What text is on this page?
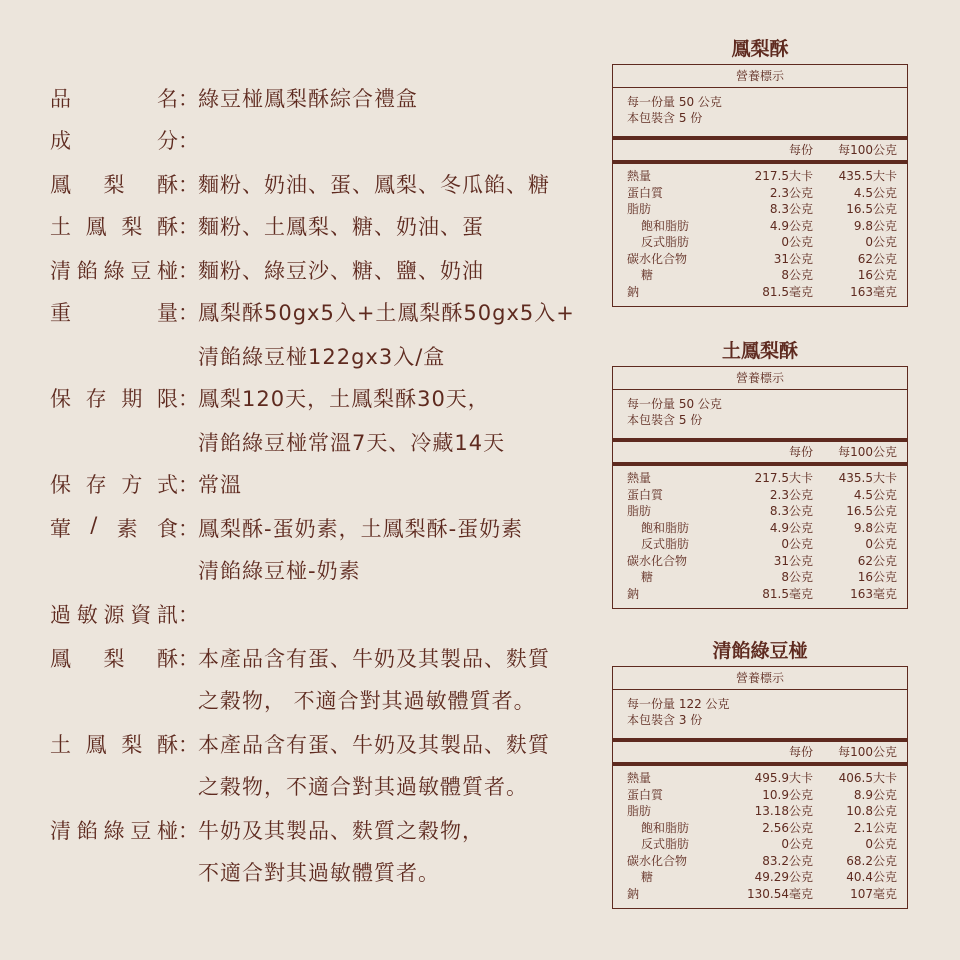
品	名 ： 綠豆椪鳳梨酥綜合禮盒
成	分 ：
鳳 梨 酥 ： 麵粉、奶油、蛋、鳳梨、冬瓜餡、糖
土 鳳 梨 酥 ： 麵粉、土鳳梨、糖、奶油、蛋
清 餡 綠 豆 椪 ： 麵粉、綠豆沙、糖、鹽、奶油
重	量 ： 鳳梨酥50gx5入+土鳳梨酥50gx5入+
清餡綠豆椪122gx3入/盒
保 存 期 限 ： 鳳梨120天，土鳳梨酥30天，
清餡綠豆椪常溫7天、冷藏14天
保 存 方 式 ： 常溫
葷 / 素 食 ： 鳳梨酥-蛋奶素，土鳳梨酥-蛋奶素
清餡綠豆椪-奶素
過 敏 源 資 訊 ：
鳳 梨 酥 ： 本產品含有蛋、牛奶及其製品、麩質
之穀物， 不適合對其過敏體質者。
土 鳳 梨 酥 ： 本產品含有蛋、牛奶及其製品、麩質
之穀物，不適合對其過敏體質者。
清 餡 綠 豆 椪 ： 牛奶及其製品、麩質之穀物，
不適合對其過敏體質者。
鳳梨酥
營養標示
每一份量 50 公克
本包裝含 5 份
每份	每100公克
熱量	217.5大卡	435.5大卡
蛋白質	2.3公克	4.5公克
脂肪	8.3公克	16.5公克
飽和脂肪	4.9公克	9.8公克
反式脂肪	0公克	0公克
碳水化合物	31公克	62公克
糖	8公克	16公克
鈉	81.5毫克	163毫克
土鳳梨酥
營養標示
每一份量 50 公克
本包裝含 5 份
每份	每100公克
熱量	217.5大卡	435.5大卡
蛋白質	2.3公克	4.5公克
脂肪	8.3公克	16.5公克
飽和脂肪	4.9公克	9.8公克
反式脂肪	0公克	0公克
碳水化合物	31公克	62公克
糖	8公克	16公克
鈉	81.5毫克	163毫克
清餡綠豆椪
營養標示
每一份量 122 公克
本包裝含 3 份
每份	每100公克
熱量	495.9大卡	406.5大卡
蛋白質	10.9公克	8.9公克
脂肪	13.18公克	10.8公克
飽和脂肪	2.56公克	2.1公克
反式脂肪	0公克	0公克
碳水化合物	83.2公克	68.2公克
糖	49.29公克	40.4公克
鈉	130.54毫克	107毫克
